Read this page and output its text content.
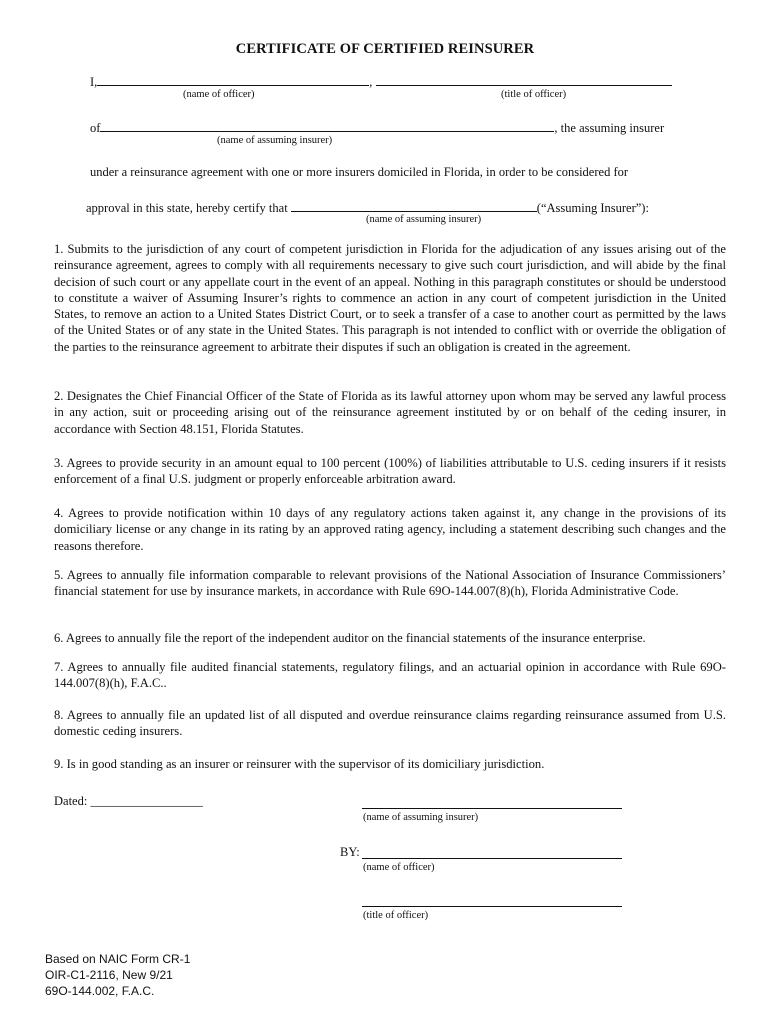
CERTIFICATE OF CERTIFIED REINSURER
I,	,
(name of officer)	(title of officer)
of	, the assuming insurer
(name of assuming insurer)
under a reinsurance agreement with one or more insurers domiciled in Florida, in order to be considered for
approval in this state, hereby certify that	(“Assuming Insurer”):
(name of assuming insurer)

1. Submits to the jurisdiction of any court of competent jurisdiction in Florida for the adjudication of any issues arising out of the reinsurance agreement, agrees to comply with all requirements necessary to give such court jurisdiction, and will abide by the final decision of such court or any appellate court in the event of an appeal. Nothing in this paragraph constitutes or should be understood to constitute a waiver of Assuming Insurer’s rights to commence an action in any court of competent jurisdiction in the United States, to remove an action to a United States District Court, or to seek a transfer of a case to another court as permitted by the laws of the United States or of any state in the United States. This paragraph is not intended to conflict with or override the obligation of the parties to the reinsurance agreement to arbitrate their disputes if such an obligation is created in the agreement.

2. Designates the Chief Financial Officer of the State of Florida as its lawful attorney upon whom may be served any lawful process in any action, suit or proceeding arising out of the reinsurance agreement instituted by or on behalf of the ceding insurer, in accordance with Section 48.151, Florida Statutes.

3. Agrees to provide security in an amount equal to 100 percent (100%) of liabilities attributable to U.S. ceding insurers if it resists enforcement of a final U.S. judgment or properly enforceable arbitration award.

4. Agrees to provide notification within 10 days of any regulatory actions taken against it, any change in the provisions of its domiciliary license or any change in its rating by an approved rating agency, including a statement describing such changes and the reasons therefore.

5. Agrees to annually file information comparable to relevant provisions of the National Association of Insurance Commissioners’ financial statement for use by insurance markets, in accordance with Rule 69O-144.007(8)(h), Florida Administrative Code.

6. Agrees to annually file the report of the independent auditor on the financial statements of the insurance enterprise.

7. Agrees to annually file audited financial statements, regulatory filings, and an actuarial opinion in accordance with Rule 69O-144.007(8)(h), F.A.C..

8. Agrees to annually file an updated list of all disputed and overdue reinsurance claims regarding reinsurance assumed from U.S. domestic ceding insurers.

9. Is in good standing as an insurer or reinsurer with the supervisor of its domiciliary jurisdiction.

Dated: __________________
(name of assuming insurer)
BY:
(name of officer)
(title of officer)
Based on NAIC Form CR-1
OIR-C1-2116, New 9/21
69O-144.002, F.A.C.
